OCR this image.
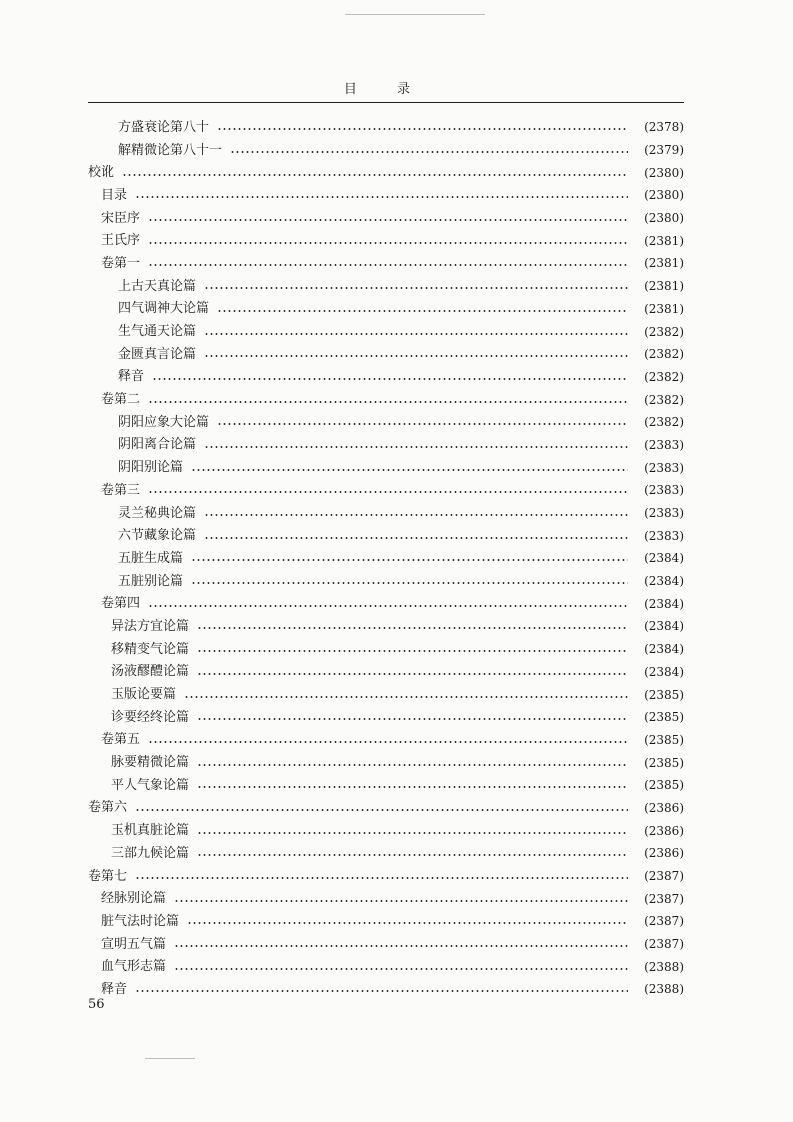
目 录
方盛衰论第八十	(2378)
解精微论第八十一	(2379)
校讹	(2380)
目录	(2380)
宋臣序	(2380)
王氏序	(2381)
卷第一	(2381)
上古天真论篇	(2381)
四气调神大论篇	(2381)
生气通天论篇	(2382)
金匮真言论篇	(2382)
释音	(2382)
卷第二	(2382)
阴阳应象大论篇	(2382)
阴阳离合论篇	(2383)
阴阳别论篇	(2383)
卷第三	(2383)
灵兰秘典论篇	(2383)
六节藏象论篇	(2383)
五脏生成篇	(2384)
五脏别论篇	(2384)
卷第四	(2384)
异法方宜论篇	(2384)
移精变气论篇	(2384)
汤液醪醴论篇	(2384)
玉版论要篇	(2385)
诊要经终论篇	(2385)
卷第五	(2385)
脉要精微论篇	(2385)
平人气象论篇	(2385)
卷第六	(2386)
玉机真脏论篇	(2386)
三部九候论篇	(2386)
卷第七	(2387)
经脉别论篇	(2387)
脏气法时论篇	(2387)
宣明五气篇	(2387)
血气形志篇	(2388)
释音	(2388)
56
